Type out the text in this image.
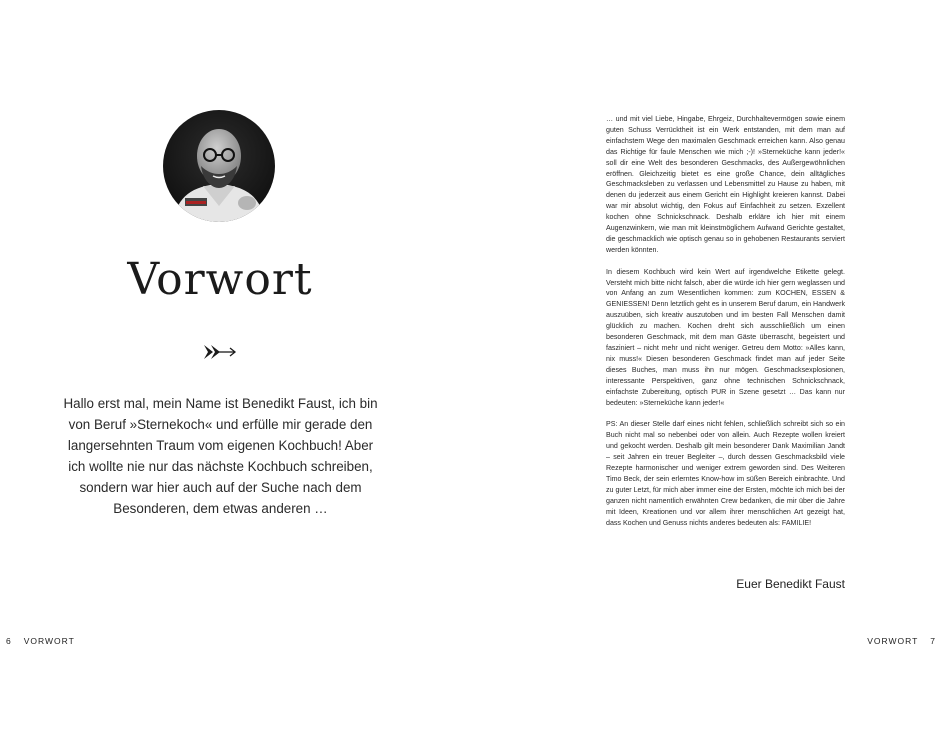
Vorwort
Hallo erst mal, mein Name ist Benedikt Faust, ich bin von Beruf »Sternekoch« und erfülle mir gerade den langersehnten Traum vom eigenen Kochbuch! Aber ich wollte nie nur das nächste Kochbuch schreiben, sondern war hier auch auf der Suche nach dem Besonderen, dem etwas anderen …
6 VORWORT

… und mit viel Liebe, Hingabe, Ehrgeiz, Durchhaltevermögen sowie einem guten Schuss Verrücktheit ist ein Werk entstanden, mit dem man auf einfachstem Wege den maximalen Geschmack erreichen kann. Also genau das Richtige für faule Menschen wie mich ;-)! »Sterneküche kann jeder!« soll dir eine Welt des besonderen Geschmacks, des Außergewöhnlichen eröffnen. Gleichzeitig bietet es eine große Chance, dein alltägliches Geschmacksleben zu verlassen und Lebensmittel zu Hause zu haben, mit denen du jederzeit aus einem Gericht ein Highlight kreieren kannst. Dabei war mir absolut wichtig, den Fokus auf Einfachheit zu setzen. Exzellent kochen ohne Schnickschnack. Deshalb erkläre ich hier mit einem Augenzwinkern, wie man mit kleinstmöglichem Aufwand Gerichte gestaltet, die geschmacklich wie optisch genau so in gehobenen Restaurants serviert werden könnten.

In diesem Kochbuch wird kein Wert auf irgendwelche Etikette gelegt. Versteht mich bitte nicht falsch, aber die würde ich hier gern weglassen und von Anfang an zum Wesentlichen kommen: zum KOCHEN, ESSEN & GENIESSEN! Denn letztlich geht es in unserem Beruf darum, ein Handwerk auszuüben, sich kreativ auszutoben und im besten Fall Menschen damit glücklich zu machen. Kochen dreht sich ausschließlich um einen besonderen Geschmack, mit dem man Gäste überrascht, begeistert und fasziniert – nicht mehr und nicht weniger. Getreu dem Motto: »Alles kann, nix muss!« Diesen besonderen Geschmack findet man auf jeder Seite dieses Buches, man muss ihn nur mögen. Geschmacksexplosionen, interessante Perspektiven, ganz ohne technischen Schnickschnack, einfachste Zubereitung, optisch PUR in Szene gesetzt … Das kann nur bedeuten: »Sterneküche kann jeder!«

PS: An dieser Stelle darf eines nicht fehlen, schließlich schreibt sich so ein Buch nicht mal so nebenbei oder von allein. Auch Rezepte wollen kreiert und gekocht werden. Deshalb gilt mein besonderer Dank Maximilian Jandt – seit Jahren ein treuer Begleiter –, durch dessen Geschmacksbild viele Rezepte harmonischer und weniger extrem geworden sind. Des Weiteren Timo Beck, der sein erlerntes Know-how im süßen Bereich einbrachte. Und zu guter Letzt, für mich aber immer eine der Ersten, möchte ich mich bei der ganzen nicht namentlich erwähnten Crew bedanken, die mir über die Jahre mit Ideen, Kreationen und vor allem ihrer menschlichen Art gezeigt hat, dass Kochen und Genuss nichts anderes bedeuten als: FAMILIE!

Euer Benedikt Faust
VORWORT 7
